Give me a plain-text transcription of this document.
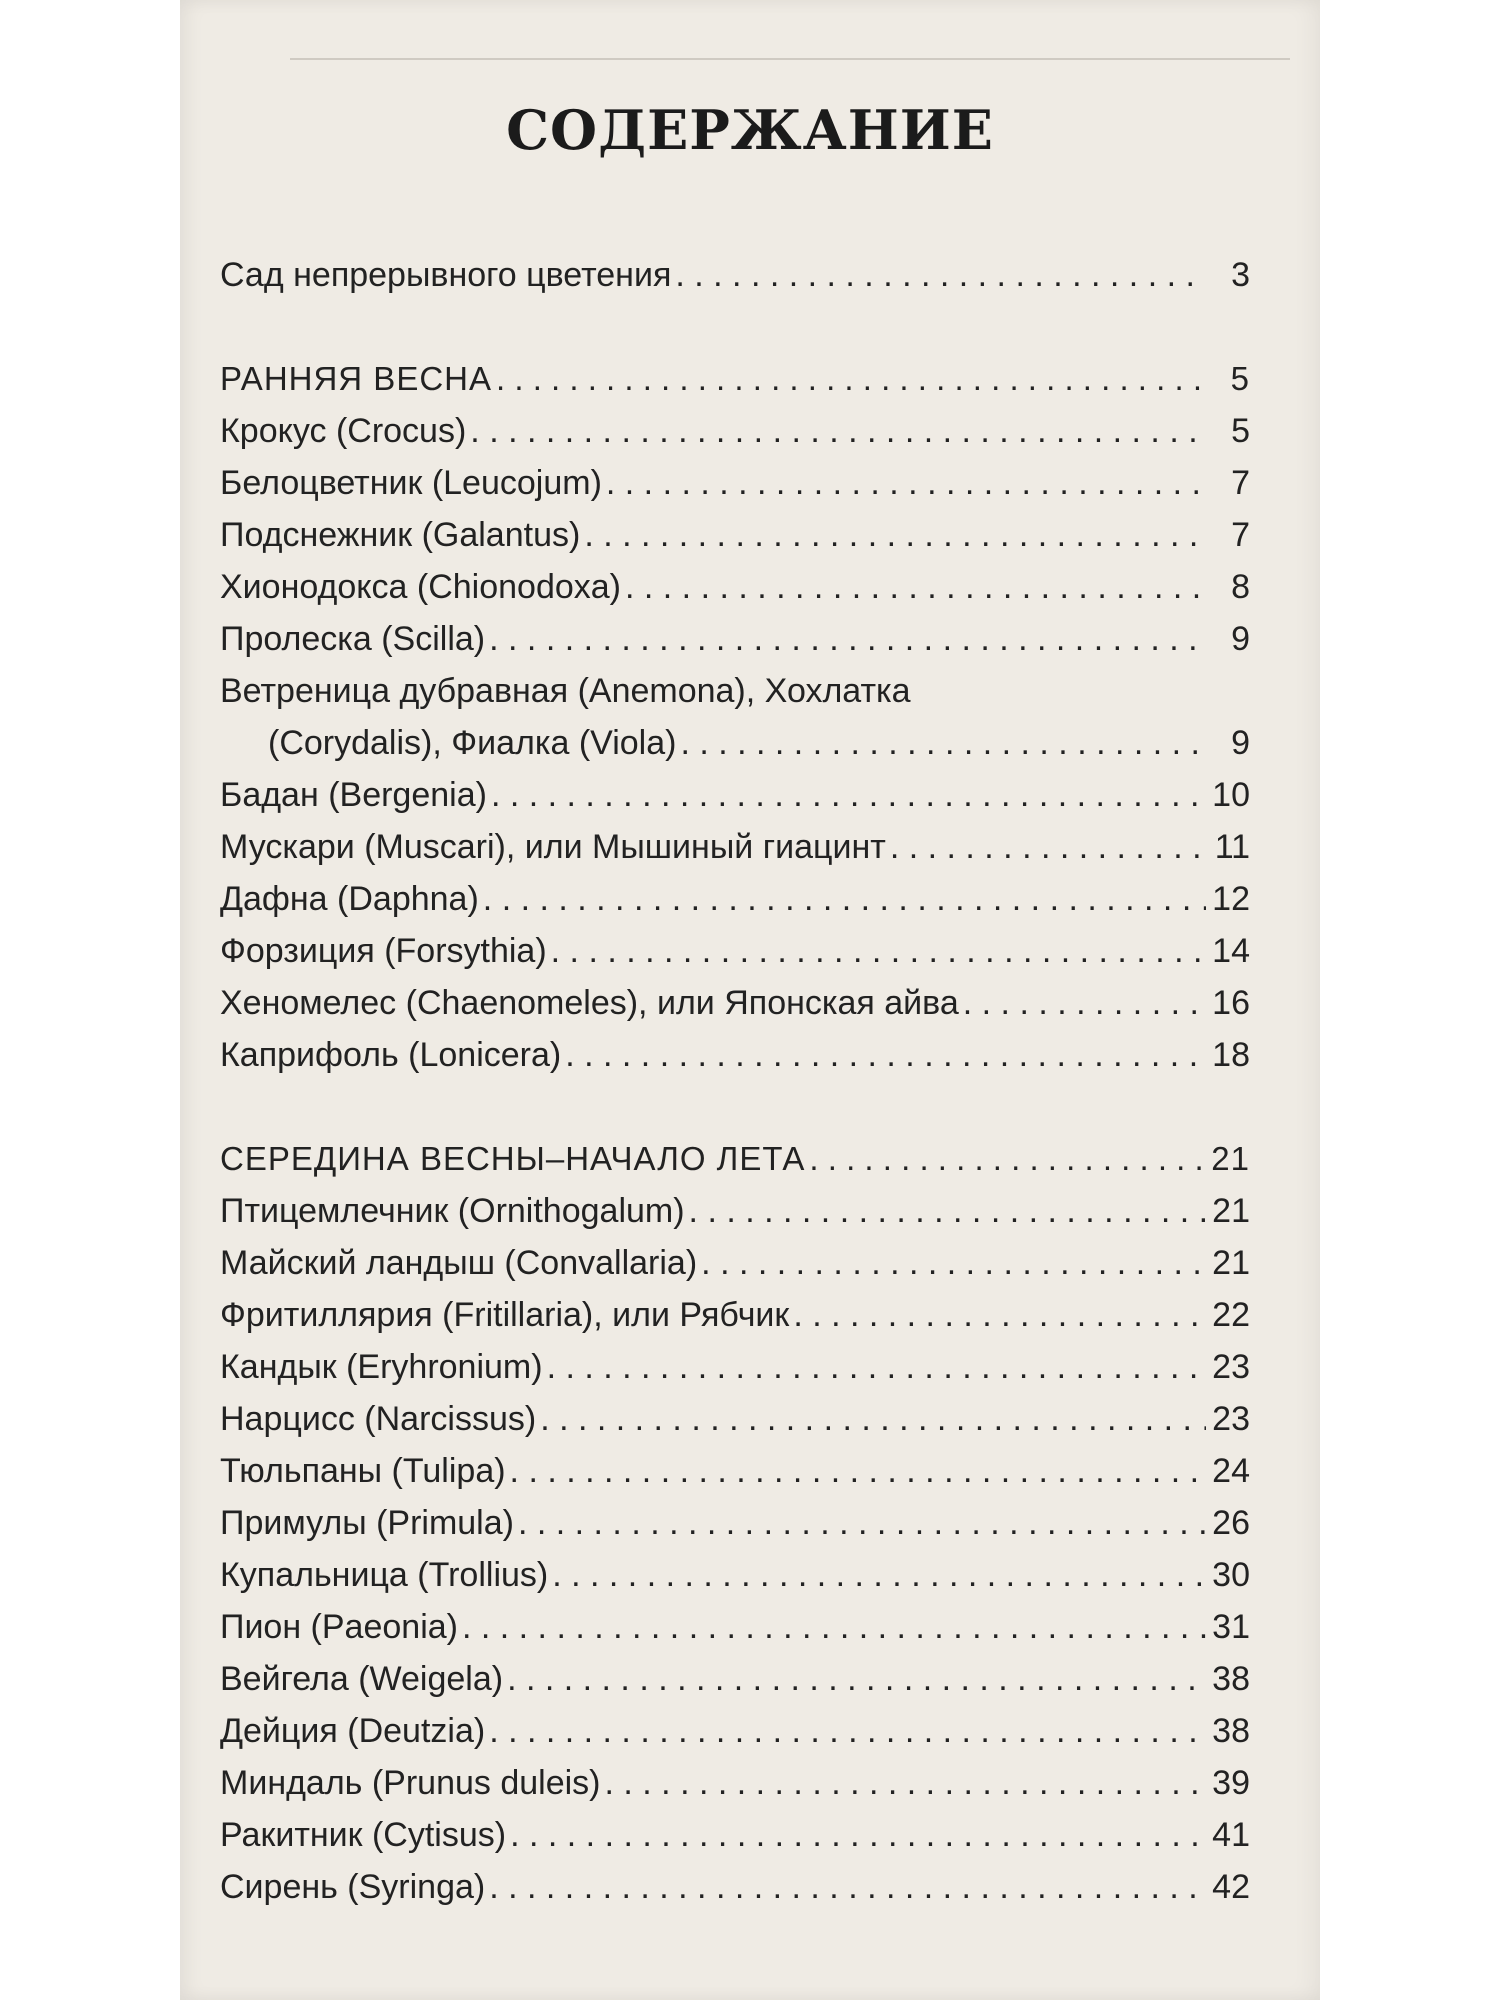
СОДЕРЖАНИЕ
Сад непрерывного цветения . . .	3
РАННЯЯ ВЕСНА . . .	5
Крокус (Crocus) . . .	5
Белоцветник (Leucojum) . . .	7
Подснежник (Galantus) . . .	7
Хионодокса (Chionodoxa) . . .	8
Пролеска (Scilla) . . .	9
Ветреница дубравная (Anemona), Хохлатка
(Corydalis), Фиалка (Viola) . . .	9
Бадан (Bergenia) . . .	10
Мускари (Muscari), или Мышиный гиацинт . . .	11
Дафна (Daphna) . . .	12
Форзиция (Forsythia) . . .	14
Хеномелес (Chaenomeles), или Японская айва . . .	16
Каприфоль (Lonicera) . . .	18
СЕРЕДИНА ВЕСНЫ–НАЧАЛО ЛЕТА . . .	21
Птицемлечник (Ornithogalum) . . .	21
Майский ландыш (Convallaria) . . .	21
Фритиллярия (Fritillaria), или Рябчик . . .	22
Кандык (Eryhronium) . . .	23
Нарцисс (Narcissus) . . .	23
Тюльпаны (Tulipa) . . .	24
Примулы (Primula) . . .	26
Купальница (Trollius) . . .	30
Пион (Paeonia) . . .	31
Вейгела (Weigela) . . .	38
Дейция (Deutzia) . . .	38
Миндаль (Prunus duleis) . . .	39
Ракитник (Cytisus) . . .	41
Сирень (Syringa) . . .	42
